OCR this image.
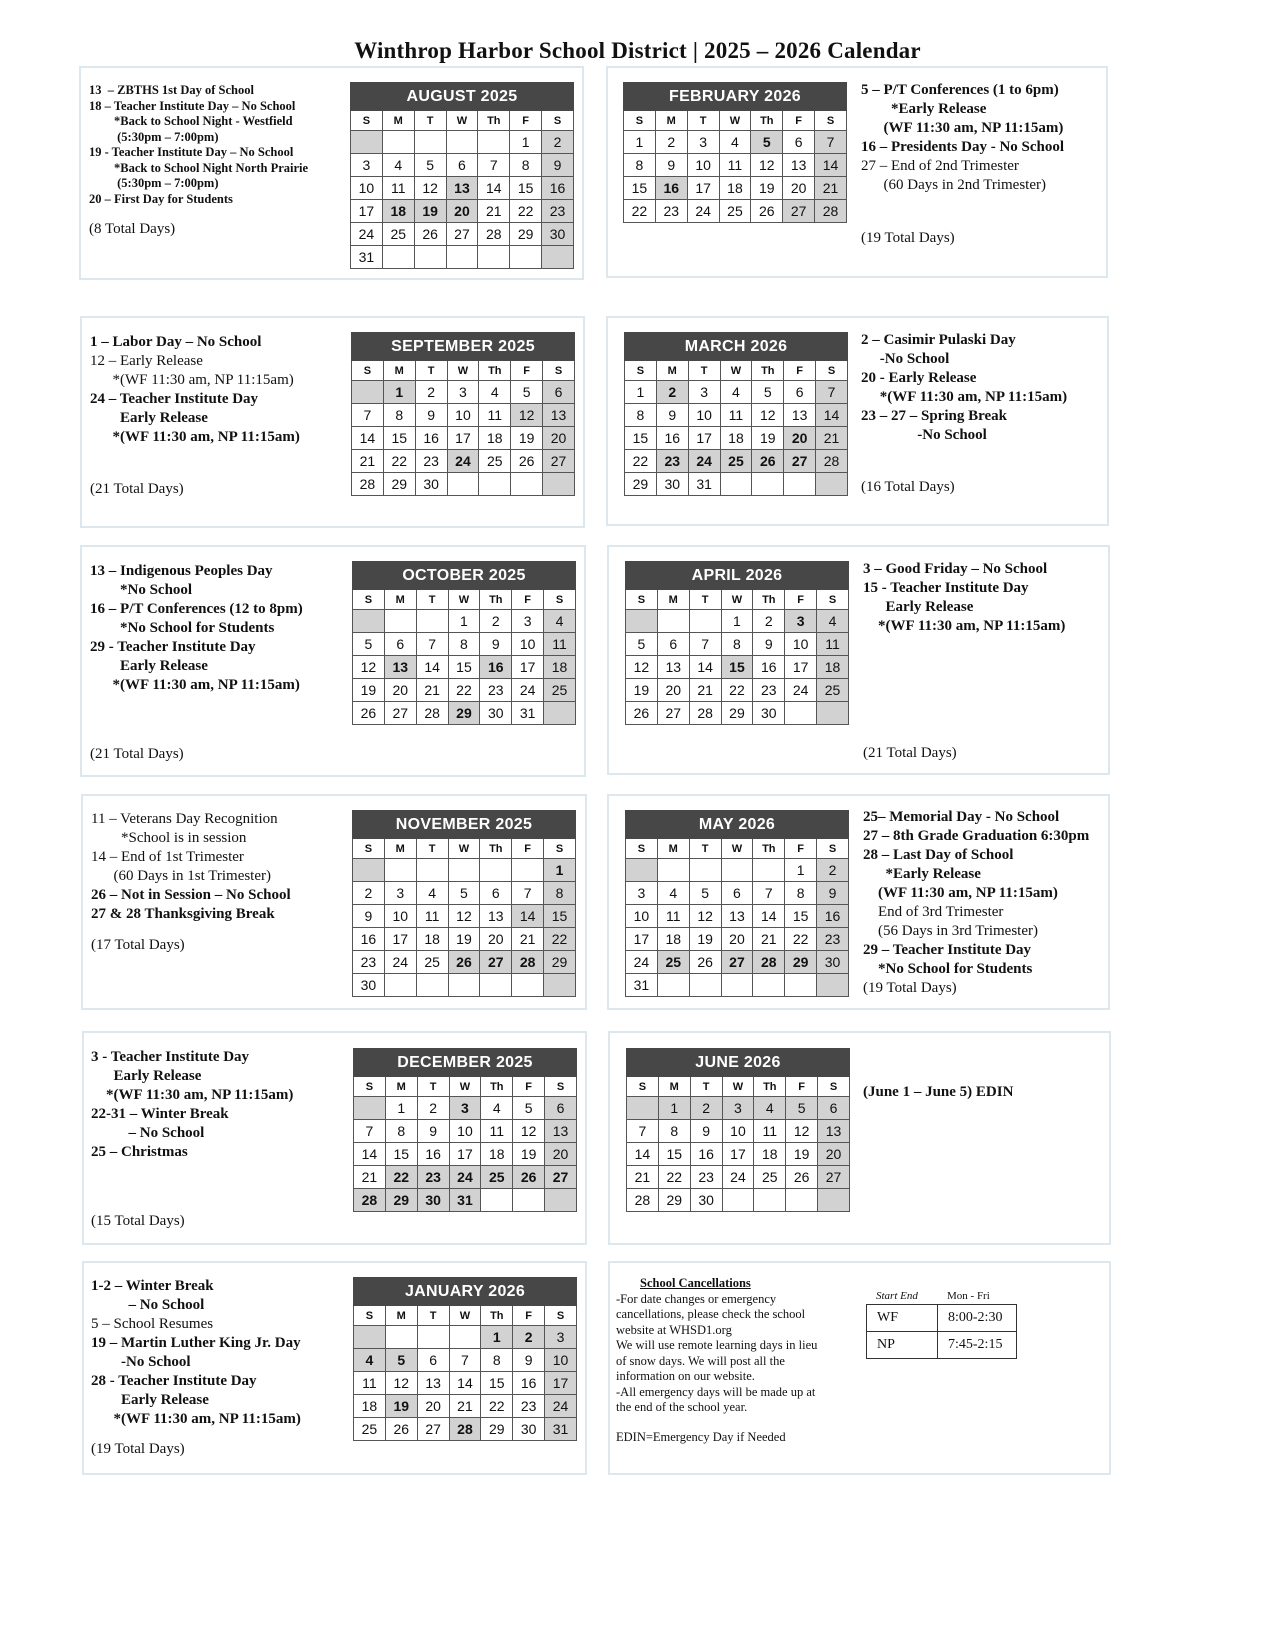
Winthrop Harbor School District | 2025 – 2026 Calendar
13  – ZBTHS 1st Day of School
18 – Teacher Institute Day – No School
*Back to School Night - Westfield
(5:30pm – 7:00pm)
19 - Teacher Institute Day – No School
*Back to School Night North Prairie
(5:30pm – 7:00pm)
20 – First Day for Students
(8 Total Days)
1 – Labor Day – No School
12 – Early Release
*(WF 11:30 am, NP 11:15am)
24 – Teacher Institute Day
Early Release
*(WF 11:30 am, NP 11:15am)
(21 Total Days)
13 – Indigenous Peoples Day
*No School
16 – P/T Conferences (12 to 8pm)
*No School for Students
29 - Teacher Institute Day
Early Release
*(WF 11:30 am, NP 11:15am)
(21 Total Days)
11 – Veterans Day Recognition
*School is in session
14 – End of 1st Trimester
(60 Days in 1st Trimester)
26 – Not in Session – No School
27 & 28 Thanksgiving Break
(17 Total Days)
3 - Teacher Institute Day
Early Release
*(WF 11:30 am, NP 11:15am)
22-31 – Winter Break
– No School
25 – Christmas
(15 Total Days)
1-2 – Winter Break
– No School
5 – School Resumes
19 – Martin Luther King Jr. Day
-No School
28 - Teacher Institute Day
Early Release
*(WF 11:30 am, NP 11:15am)
(19 Total Days)
5 – P/T Conferences (1 to 6pm)
*Early Release
(WF 11:30 am, NP 11:15am)
16 – Presidents Day - No School
27 – End of 2nd Trimester
(60 Days in 2nd Trimester)
(19 Total Days)
2 – Casimir Pulaski Day
-No School
20 - Early Release
*(WF 11:30 am, NP 11:15am)
23 – 27 – Spring Break
-No School
(16 Total Days)
3 – Good Friday – No School
15 - Teacher Institute Day
Early Release
*(WF 11:30 am, NP 11:15am)
(21 Total Days)
25– Memorial Day - No School
27 – 8th Grade Graduation 6:30pm
28 – Last Day of School
*Early Release
(WF 11:30 am, NP 11:15am)
End of 3rd Trimester
(56 Days in 3rd Trimester)
29 – Teacher Institute Day
*No School for Students
(19 Total Days)
(June 1 – June 5) EDIN
AUGUST 2025						
S	M	T	W	Th	F	S
					1	2
3	4	5	6	7	8	9
10	11	12	13	14	15	16
17	18	19	20	21	22	23
24	25	26	27	28	29	30
31						
SEPTEMBER 2025						
S	M	T	W	Th	F	S
	1	2	3	4	5	6
7	8	9	10	11	12	13
14	15	16	17	18	19	20
21	22	23	24	25	26	27
28	29	30				
OCTOBER 2025						
S	M	T	W	Th	F	S
			1	2	3	4
5	6	7	8	9	10	11
12	13	14	15	16	17	18
19	20	21	22	23	24	25
26	27	28	29	30	31	
NOVEMBER 2025						
S	M	T	W	Th	F	S
						1
2	3	4	5	6	7	8
9	10	11	12	13	14	15
16	17	18	19	20	21	22
23	24	25	26	27	28	29
30						
DECEMBER 2025						
S	M	T	W	Th	F	S
	1	2	3	4	5	6
7	8	9	10	11	12	13
14	15	16	17	18	19	20
21	22	23	24	25	26	27
28	29	30	31			
JANUARY 2026						
S	M	T	W	Th	F	S
				1	2	3
4	5	6	7	8	9	10
11	12	13	14	15	16	17
18	19	20	21	22	23	24
25	26	27	28	29	30	31
FEBRUARY 2026						
S	M	T	W	Th	F	S
1	2	3	4	5	6	7
8	9	10	11	12	13	14
15	16	17	18	19	20	21
22	23	24	25	26	27	28
MARCH 2026						
S	M	T	W	Th	F	S
1	2	3	4	5	6	7
8	9	10	11	12	13	14
15	16	17	18	19	20	21
22	23	24	25	26	27	28
29	30	31				
APRIL 2026						
S	M	T	W	Th	F	S
			1	2	3	4
5	6	7	8	9	10	11
12	13	14	15	16	17	18
19	20	21	22	23	24	25
26	27	28	29	30		
MAY 2026						
S	M	T	W	Th	F	S
					1	2
3	4	5	6	7	8	9
10	11	12	13	14	15	16
17	18	19	20	21	22	23
24	25	26	27	28	29	30
31						
JUNE 2026						
S	M	T	W	Th	F	S
	1	2	3	4	5	6
7	8	9	10	11	12	13
14	15	16	17	18	19	20
21	22	23	24	25	26	27
28	29	30				
School Cancellations
-For date changes or emergency
cancellations, please check the school
website at WHSD1.org
We will use remote learning days in lieu
of snow days. We will post all the
information on our website.
-All emergency days will be made up at
the end of the school year.
EDIN=Emergency Day if Needed
Start End	Mon - Fri
WF	8:00-2:30
NP	7:45-2:15
